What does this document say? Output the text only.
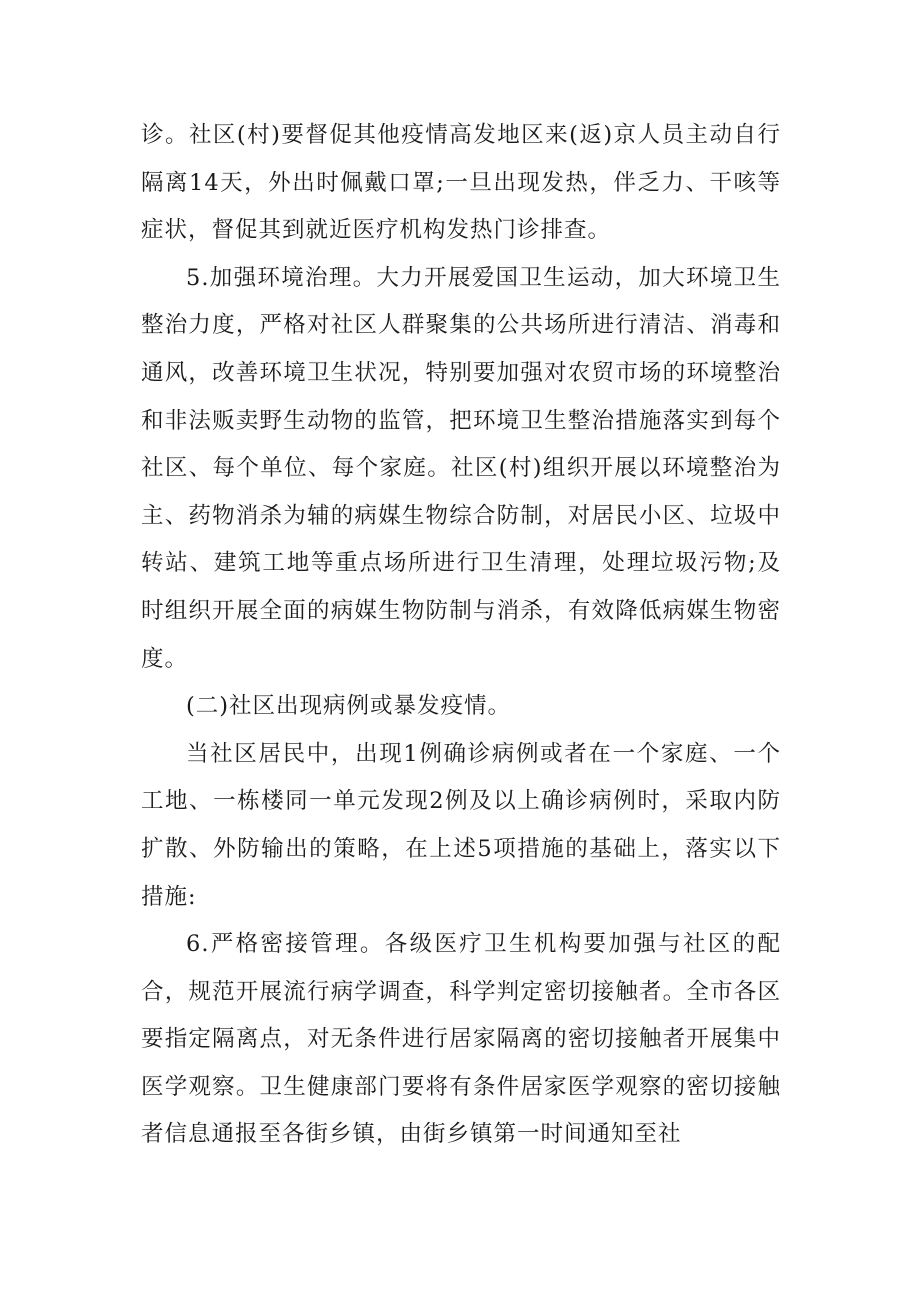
诊。社区(村)要督促其他疫情高发地区来(返)京人员主动自行隔离14天，外出时佩戴口罩;一旦出现发热，伴乏力、干咳等症状，督促其到就近医疗机构发热门诊排查。

5.加强环境治理。大力开展爱国卫生运动，加大环境卫生整治力度，严格对社区人群聚集的公共场所进行清洁、消毒和通风，改善环境卫生状况，特别要加强对农贸市场的环境整治和非法贩卖野生动物的监管，把环境卫生整治措施落实到每个社区、每个单位、每个家庭。社区(村)组织开展以环境整治为主、药物消杀为辅的病媒生物综合防制，对居民小区、垃圾中转站、建筑工地等重点场所进行卫生清理，处理垃圾污物;及时组织开展全面的病媒生物防制与消杀，有效降低病媒生物密度。

(二)社区出现病例或暴发疫情。

当社区居民中，出现1例确诊病例或者在一个家庭、一个工地、一栋楼同一单元发现2例及以上确诊病例时，采取内防扩散、外防输出的策略，在上述5项措施的基础上，落实以下措施:

6.严格密接管理。各级医疗卫生机构要加强与社区的配合，规范开展流行病学调查，科学判定密切接触者。全市各区要指定隔离点，对无条件进行居家隔离的密切接触者开展集中医学观察。卫生健康部门要将有条件居家医学观察的密切接触者信息通报至各街乡镇，由街乡镇第一时间通知至社
